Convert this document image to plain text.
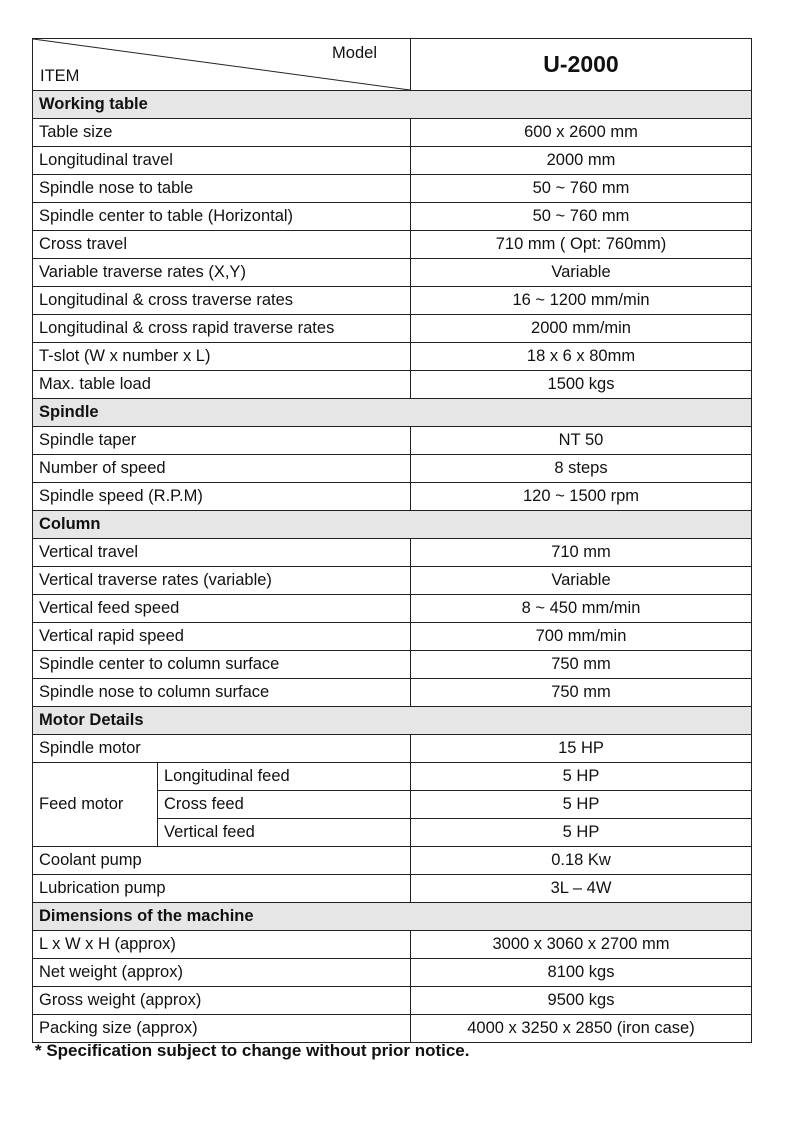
Model
ITEM		U-2000
Working table		
Table size		600 x 2600 mm
Longitudinal travel		2000 mm
Spindle nose to table		50 ~ 760 mm
Spindle center to table (Horizontal)		50 ~ 760 mm
Cross travel		710 mm ( Opt: 760mm)
Variable traverse rates (X,Y)		Variable
Longitudinal & cross traverse rates		16 ~ 1200 mm/min
Longitudinal & cross rapid traverse rates		2000 mm/min
T-slot (W x number x L)		18 x 6 x 80mm
Max. table load		1500 kgs
Spindle		
Spindle taper		NT 50
Number of speed		8 steps
Spindle speed (R.P.M)		120 ~ 1500 rpm
Column		
Vertical travel		710 mm
Vertical traverse rates (variable)		Variable
Vertical feed speed		8 ~ 450 mm/min
Vertical rapid speed		700 mm/min
Spindle center to column surface		750 mm
Spindle nose to column surface		750 mm
Motor Details		
Spindle motor		15 HP
Feed motor	Longitudinal feed	5 HP
	Cross feed	5 HP
	Vertical feed	5 HP
Coolant pump		0.18 Kw
Lubrication pump		3L – 4W
Dimensions of the machine		
L x W x H (approx)		3000 x 3060 x 2700 mm
Net weight (approx)		8100 kgs
Gross weight (approx)		9500 kgs
Packing size (approx)		4000 x 3250 x 2850 (iron case)
* Specification subject to change without prior notice.
